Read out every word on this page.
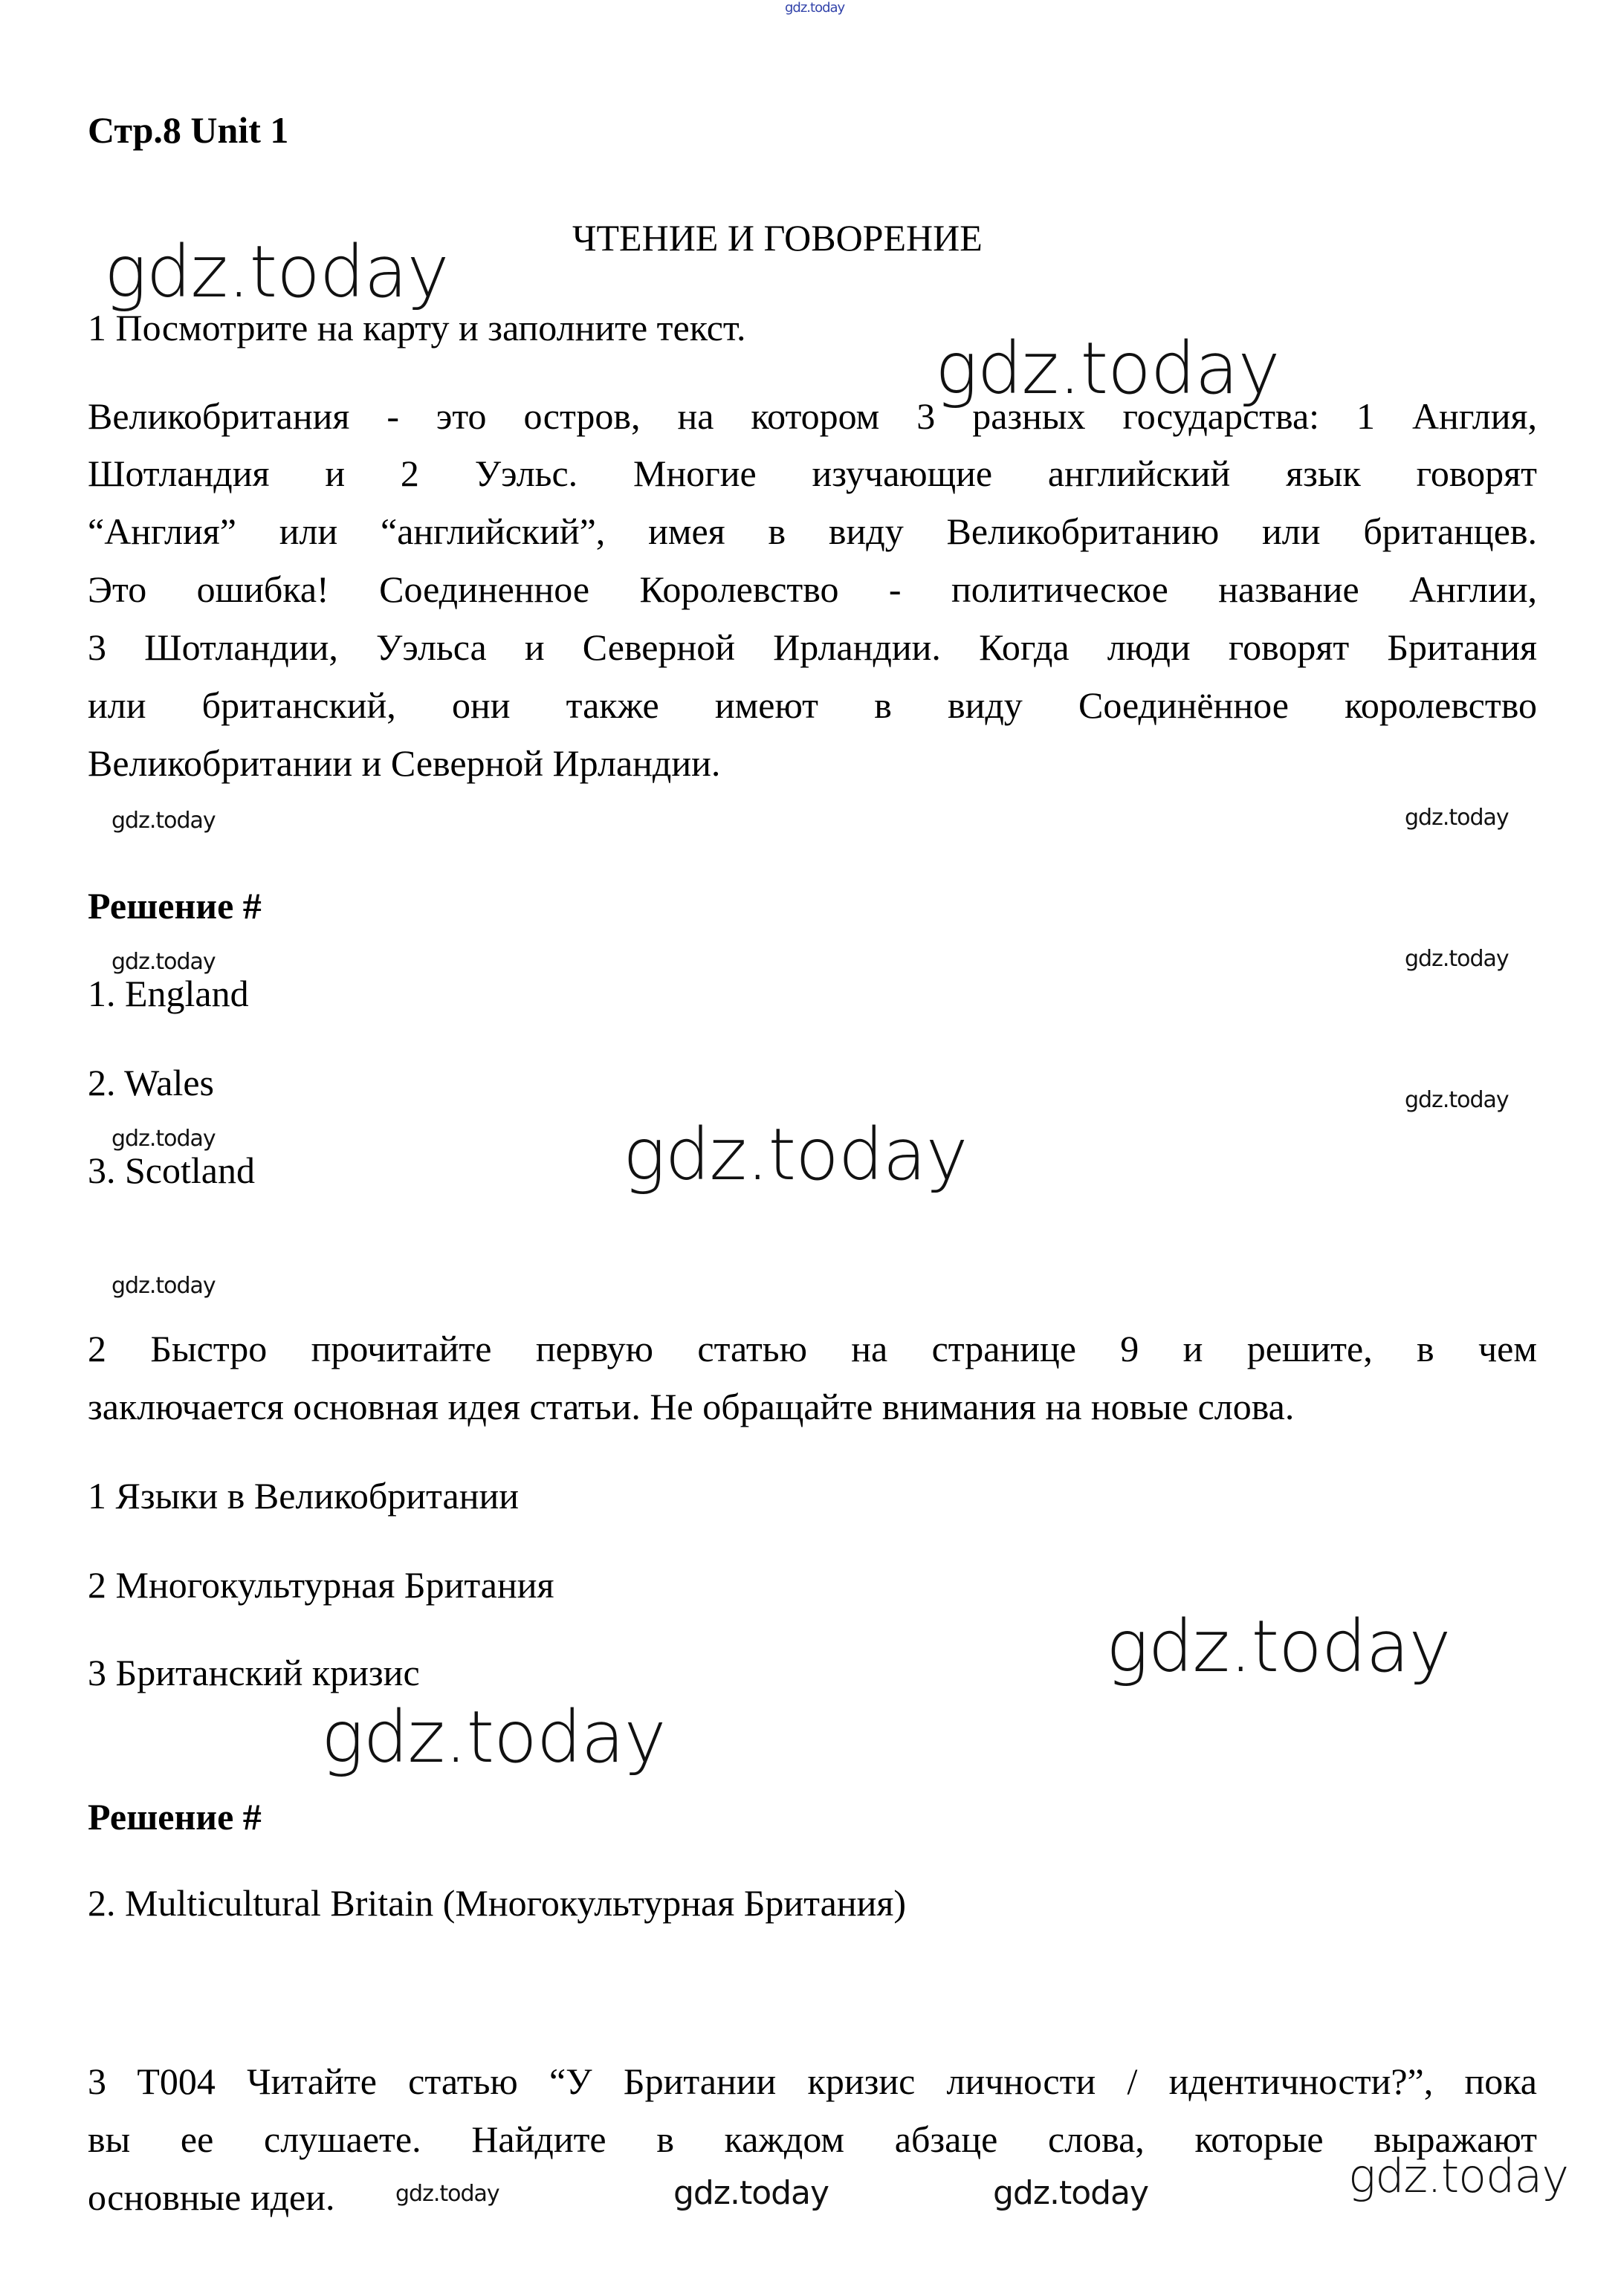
gdz.today
gdz.today
gdz.today
gdz.today	gdz.today
gdz.today	gdz.today
gdz.today
gdz.today	gdz.today
gdz.today
gdz.today
gdz.today
gdz.today	gdz.today	gdz.today	gdz.today
Стр.8 Unit 1
ЧТЕНИЕ И ГОВОРЕНИЕ
1 Посмотрите на карту и заполните текст.
Великобритания - это остров, на котором 3 разных государства: 1 Англия,
Шотландия и 2 Уэльс. Многие изучающие английский язык говорят
“Англия” или “английский”, имея в виду Великобританию или британцев.
Это ошибка! Соединенное Королевство - политическое название Англии,
3 Шотландии, Уэльса и Северной Ирландии. Когда люди говорят Британия
или британский, они также имеют в виду Соединённое королевство
Великобритании и Северной Ирландии.
Решение #
1. England
2. Wales
3. Scotland
2 Быстро прочитайте первую статью на странице 9 и решите, в чем
заключается основная идея статьи. Не обращайте внимания на новые слова.
1 Языки в Великобритании
2 Многокультурная Британия
3 Британский кризис
Решение #
2. Multicultural Britain (Многокультурная Британия)
3 T004 Читайте статью “У Британии кризис личности / идентичности?”, пока
вы ее слушаете. Найдите в каждом абзаце слова, которые выражают
основные идеи.
